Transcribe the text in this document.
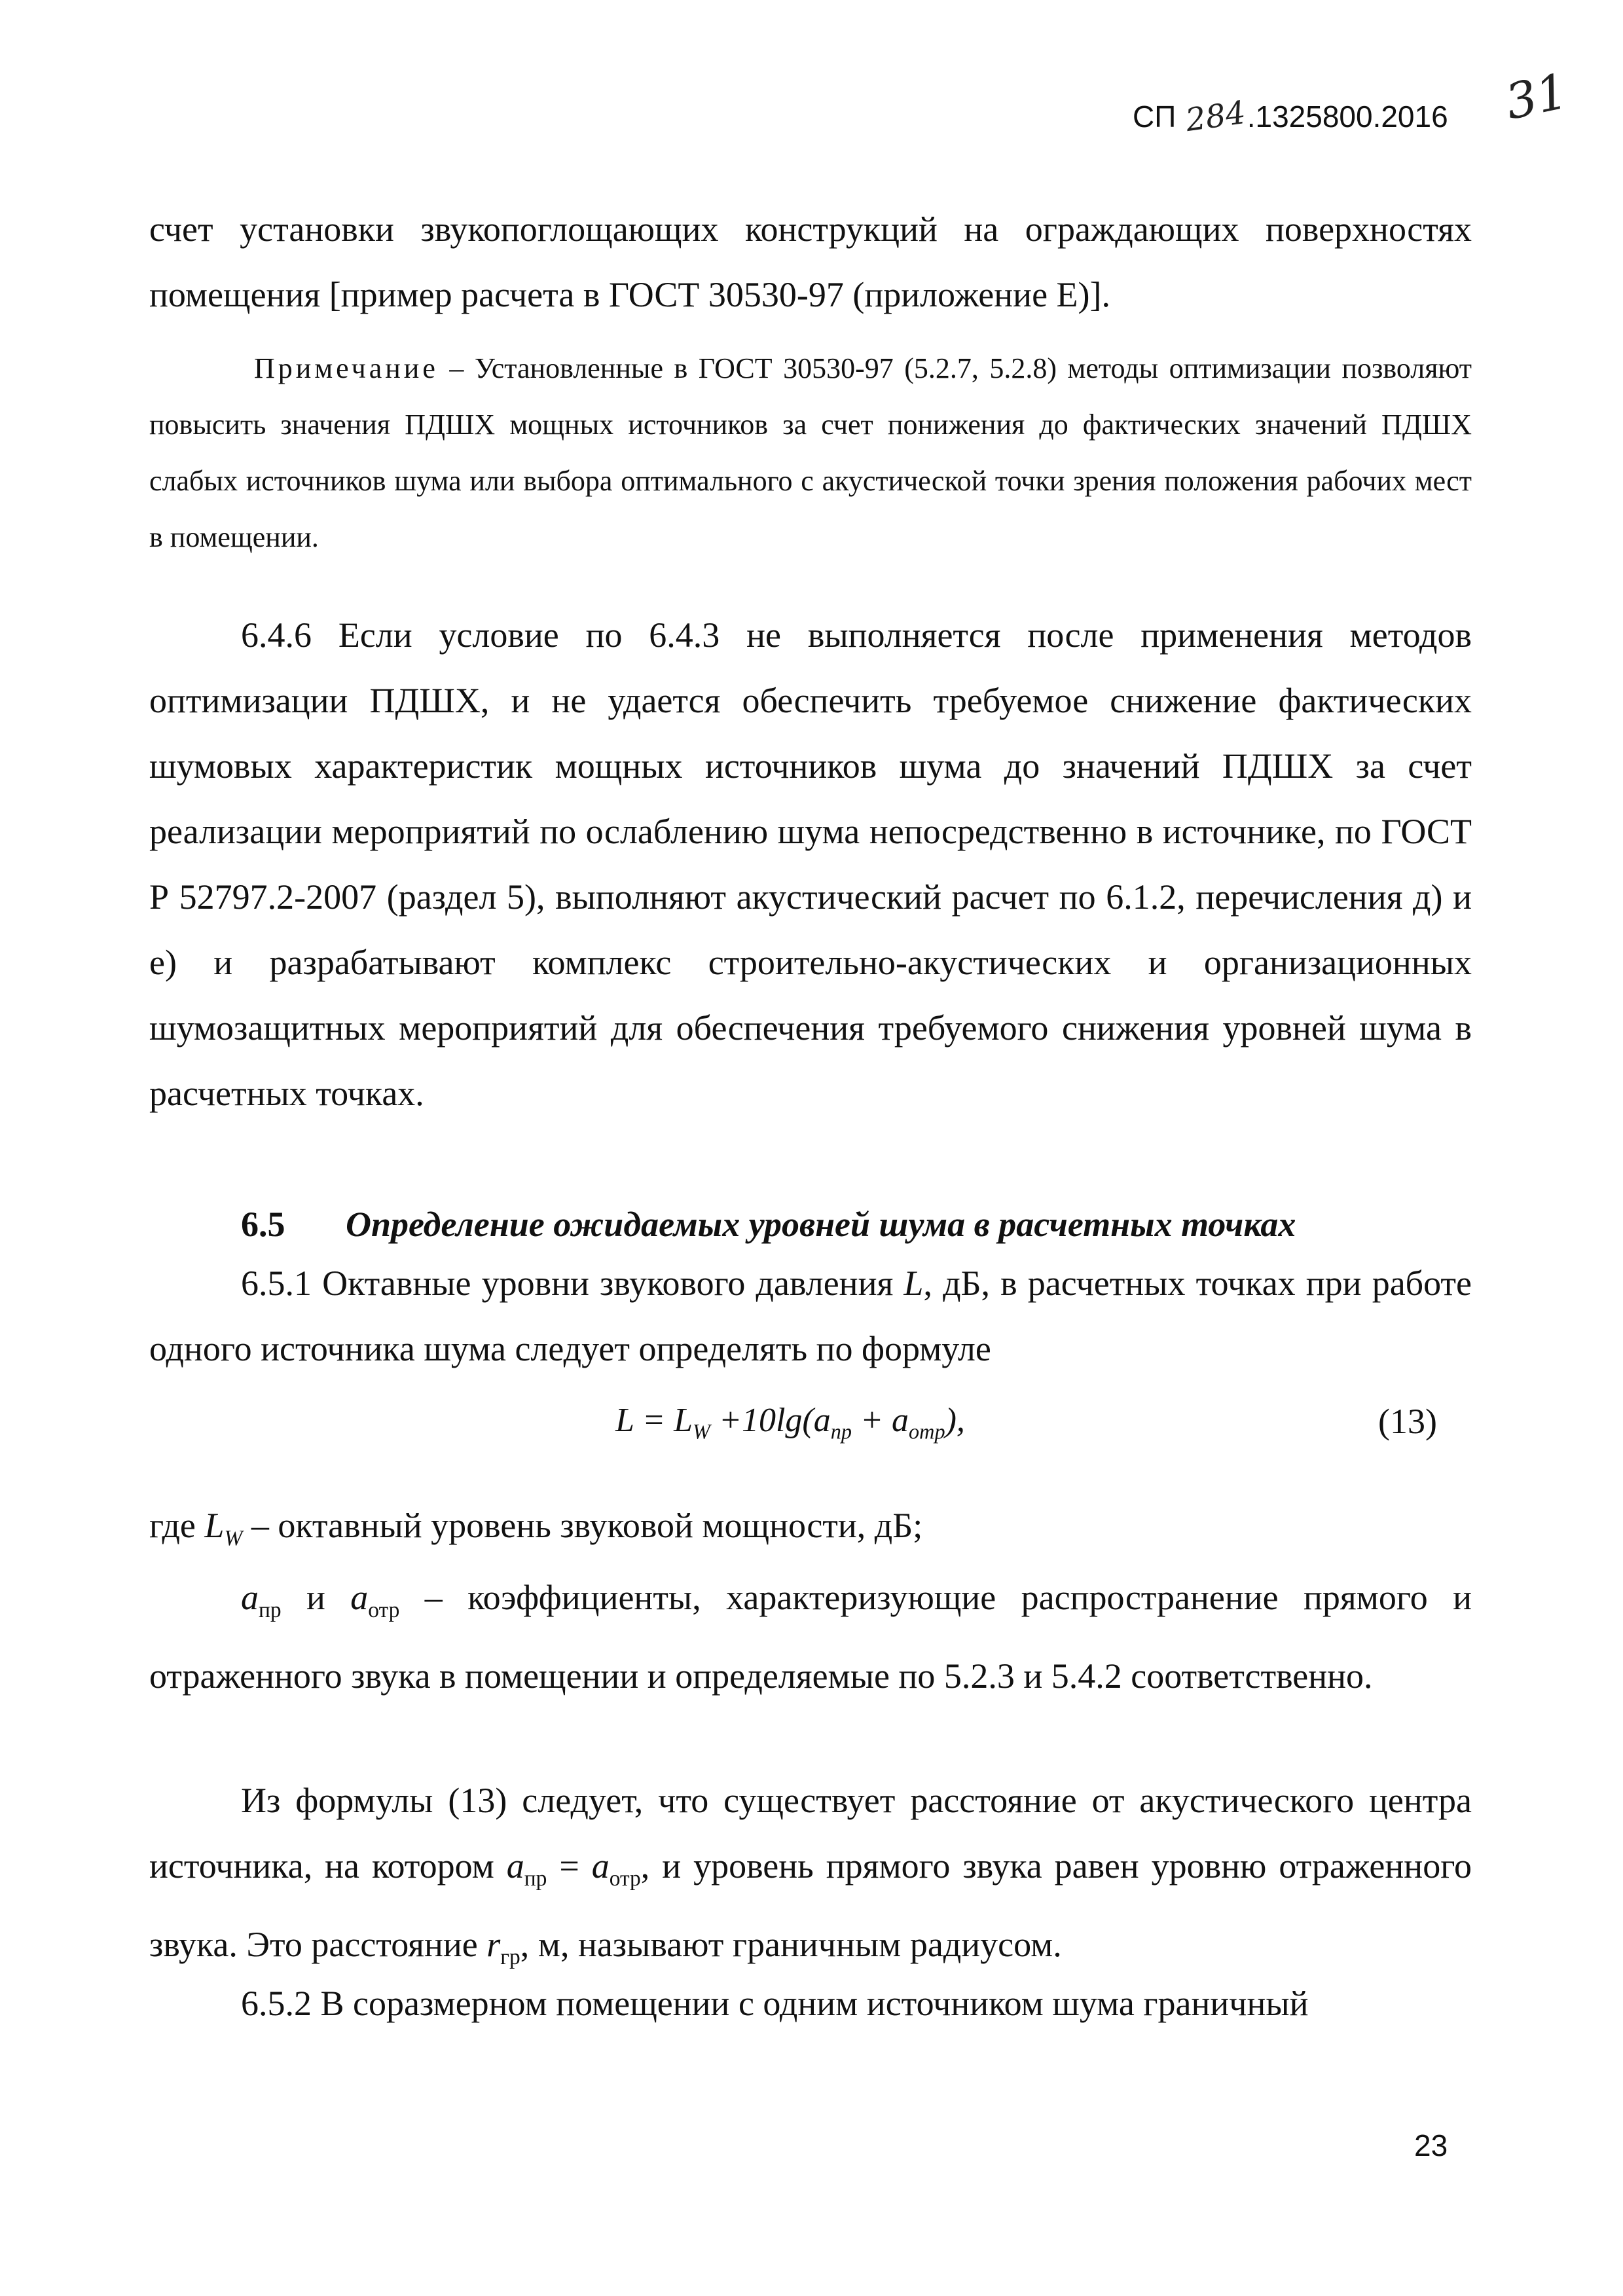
СП 284.1325800.2016	31

счет установки звукопоглощающих конструкций на ограждающих поверхностях помещения [пример расчета в ГОСТ 30530-97 (приложение Е)].

Примечание – Установленные в ГОСТ 30530-97 (5.2.7, 5.2.8) методы оптимизации позволяют повысить значения ПДШХ мощных источников за счет понижения до фактических значений ПДШХ слабых источников шума или выбора оптимального с акустической точки зрения положения рабочих мест в помещении.

6.4.6 Если условие по 6.4.3 не выполняется после применения методов оптимизации ПДШХ, и не удается обеспечить требуемое снижение фактических шумовых характеристик мощных источников шума до значений ПДШХ за счет реализации мероприятий по ослаблению шума непосредственно в источнике, по ГОСТ Р 52797.2-2007 (раздел 5), выполняют акустический расчет по 6.1.2, перечисления д) и е) и разрабатывают комплекс строительно-акустических и организационных шумозащитных мероприятий для обеспечения требуемого снижения уровней шума в расчетных точках.

6.5 Определение ожидаемых уровней шума в расчетных точках

6.5.1 Октавные уровни звукового давления L, дБ, в расчетных точках при работе одного источника шума следует определять по формуле

$L = L_W +10\lg(a_{пр} + a_{отр})$,	(13)

где $L_W$ – октавный уровень звуковой мощности, дБ;

$a_{пр}$ и $a_{отр}$ – коэффициенты, характеризующие распространение прямого и отраженного звука в помещении и определяемые по 5.2.3 и 5.4.2 соответственно.

Из формулы (13) следует, что существует расстояние от акустического центра источника, на котором $a_{пр} = a_{отр}$, и уровень прямого звука равен уровню отраженного звука. Это расстояние $r_{гр}$, м, называют граничным радиусом.

6.5.2 В соразмерном помещении с одним источником шума граничный

23
